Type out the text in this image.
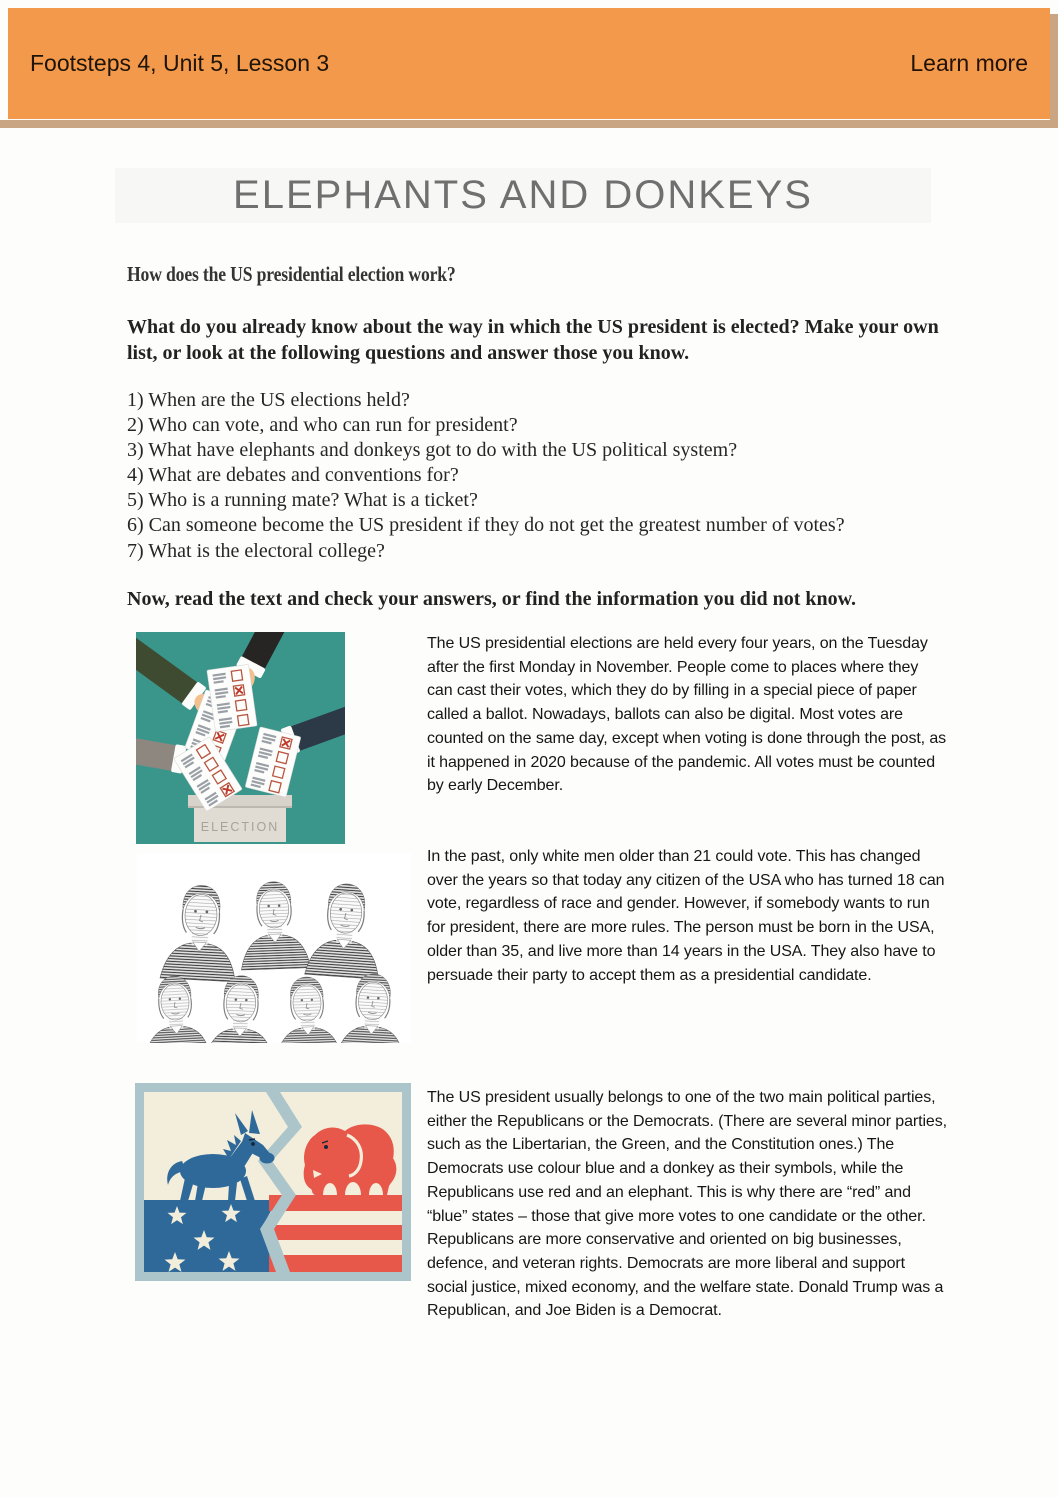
Footsteps 4, Unit 5, Lesson 3	Learn more
ELEPHANTS AND DONKEYS
How does the US presidential election work?
What do you already know about the way in which the US president is elected? Make your own list, or look at the following questions and answer those you know.
1) When are the US elections held?
2) Who can vote, and who can run for president?
3) What have elephants and donkeys got to do with the US political system?
4) What are debates and conventions for?
5) Who is a running mate? What is a ticket?
6) Can someone become the US president if they do not get the greatest number of votes?
7) What is the electoral college?
Now, read the text and check your answers, or find the information you did not know.
ELECTION
The US presidential elections are held every four years, on the Tuesday after the first Monday in November. People come to places where they can cast their votes, which they do by filling in a special piece of paper called a ballot. Nowadays, ballots can also be digital. Most votes are counted on the same day, except when voting is done through the post, as it happened in 2020 because of the pandemic. All votes must be counted by early December.
In the past, only white men older than 21 could vote. This has changed over the years so that today any citizen of the USA who has turned 18 can vote, regardless of race and gender. However, if somebody wants to run for president, there are more rules. The person must be born in the USA, older than 35, and live more than 14 years in the USA. They also have to persuade their party to accept them as a presidential candidate.
The US president usually belongs to one of the two main political parties, either the Republicans or the Democrats. (There are several minor parties, such as the Libertarian, the Green, and the Constitution ones.) The Democrats use colour blue and a donkey as their symbols, while the Republicans use red and an elephant. This is why there are “red” and “blue” states – those that give more votes to one candidate or the other. Republicans are more conservative and oriented on big businesses, defence, and veteran rights. Democrats are more liberal and support social justice, mixed economy, and the welfare state. Donald Trump was a Republican, and Joe Biden is a Democrat.
